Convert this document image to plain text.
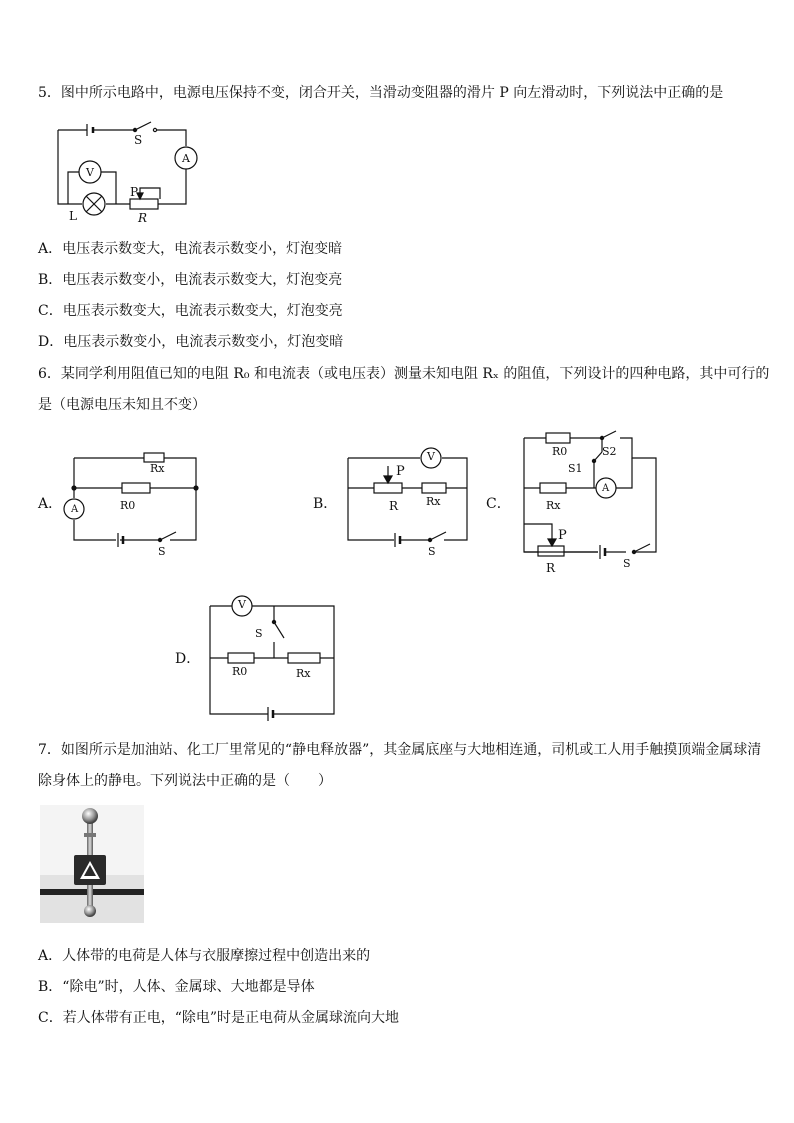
5．图中所示电路中，电源电压保持不变，闭合开关，当滑动变阻器的滑片 P 向左滑动时，下列说法中正确的是
S
A
V
L
P
R
A．电压表示数变大，电流表示数变小，灯泡变暗
B．电压表示数变小，电流表示数变大，灯泡变亮
C．电压表示数变大，电流表示数变大，灯泡变亮
D．电压表示数变小，电流表示数变小，灯泡变暗
6．某同学利用阻值已知的电阻 R₀ 和电流表（或电压表）测量未知电阻 Rₓ 的阻值，下列设计的四种电路，其中可行的
是（电源电压未知且不变）
A．
Rx
R0
A
S
B．
V
P
R	Rx
S
C．
R0	S2
S1
Rx
A
P
R	S
D．
V
S
R0	Rx
7．如图所示是加油站、化工厂里常见的“静电释放器”，其金属底座与大地相连通，司机或工人用手触摸顶端金属球清
除身体上的静电。下列说法中正确的是（　　）
A．人体带的电荷是人体与衣服摩擦过程中创造出来的
B．“除电”时，人体、金属球、大地都是导体
C．若人体带有正电，“除电”时是正电荷从金属球流向大地
